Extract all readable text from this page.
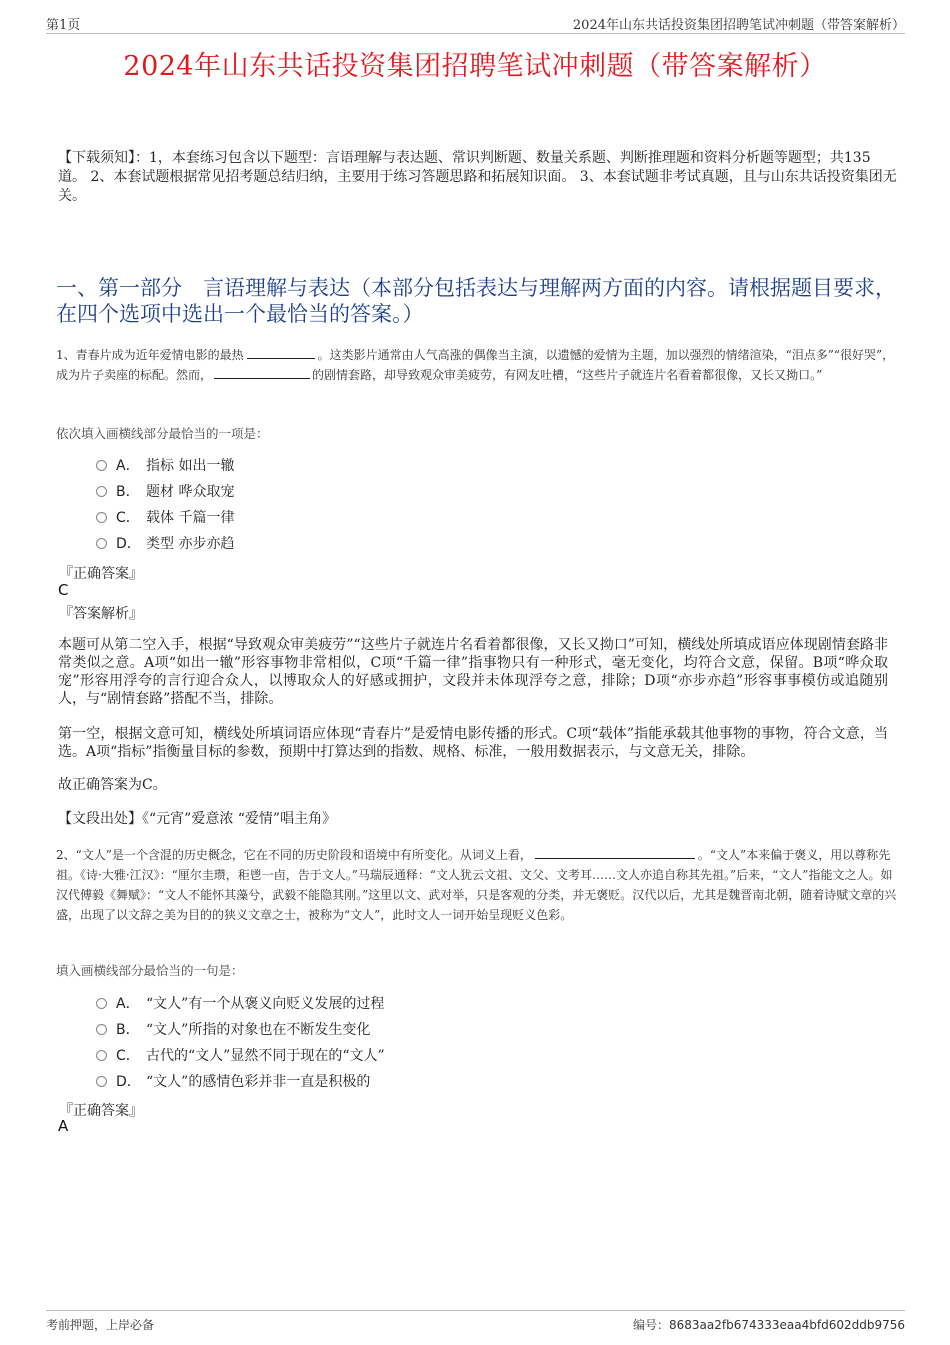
第1页	2024年山东共话投资集团招聘笔试冲刺题（带答案解析）
2024年山东共话投资集团招聘笔试冲刺题（带答案解析）
【下载须知】：1，本套练习包含以下题型：言语理解与表达题、常识判断题、数量关系题、判断推理题和资料分析题等题型；共135道。 2、本套试题根据常见招考题总结归纳，主要用于练习答题思路和拓展知识面。 3、本套试题非考试真题，且与山东共话投资集团无关。
一、第一部分　言语理解与表达（本部分包括表达与理解两方面的内容。请根据题目要求，在四个选项中选出一个最恰当的答案。）
1、青春片成为近年爱情电影的最热	。这类影片通常由人气高涨的偶像当主演，以遗憾的爱情为主题，加以强烈的情绪渲染，“泪点多”“很好哭”，成为片子卖座的标配。然而，	的剧情套路，却导致观众审美疲劳，有网友吐槽，“这些片子就连片名看着都很像，又长又拗口。”
依次填入画横线部分最恰当的一项是：
A． 指标 如出一辙
B． 题材 哗众取宠
C． 载体 千篇一律
D． 类型 亦步亦趋
『正确答案』
C
『答案解析』
本题可从第二空入手，根据“导致观众审美疲劳”“这些片子就连片名看着都很像，又长又拗口”可知，横线处所填成语应体现剧情套路非常类似之意。A项“如出一辙”形容事物非常相似，C项“千篇一律”指事物只有一种形式，毫无变化，均符合文意，保留。B项“哗众取宠”形容用浮夸的言行迎合众人，以博取众人的好感或拥护，文段并未体现浮夸之意，排除；D项“亦步亦趋”形容事事模仿或追随别人，与“剧情套路”搭配不当，排除。
第一空，根据文意可知，横线处所填词语应体现“青春片”是爱情电影传播的形式。C项“载体”指能承载其他事物的事物，符合文意，当选。A项“指标”指衡量目标的参数，预期中打算达到的指数、规格、标准，一般用数据表示，与文意无关，排除。
故正确答案为C。
【文段出处】《“元宵”爱意浓 “爱情”唱主角》
2、“文人”是一个含混的历史概念，它在不同的历史阶段和语境中有所变化。从词义上看，	。“文人”本来偏于褒义，用以尊称先祖。《诗·大雅·江汉》：“厘尔圭瓒，秬鬯一卣，告于文人。”马瑞辰通释：“文人犹云文祖、文父、文考耳……文人亦追自称其先祖。”后来，“文人”指能文之人。如汉代傅毅《舞赋》：“文人不能怀其藻兮，武毅不能隐其刚。”这里以文、武对举，只是客观的分类，并无褒贬。汉代以后，尤其是魏晋南北朝，随着诗赋文章的兴盛，出现了以文辞之美为目的的狭义文章之士，被称为“文人”，此时文人一词开始呈现贬义色彩。
填入画横线部分最恰当的一句是：
A． “文人”有一个从褒义向贬义发展的过程
B． “文人”所指的对象也在不断发生变化
C． 古代的“文人”显然不同于现在的“文人”
D． “文人”的感情色彩并非一直是积极的
『正确答案』
A
考前押题，上岸必备	编号：8683aa2fb674333eaa4bfd602ddb9756
